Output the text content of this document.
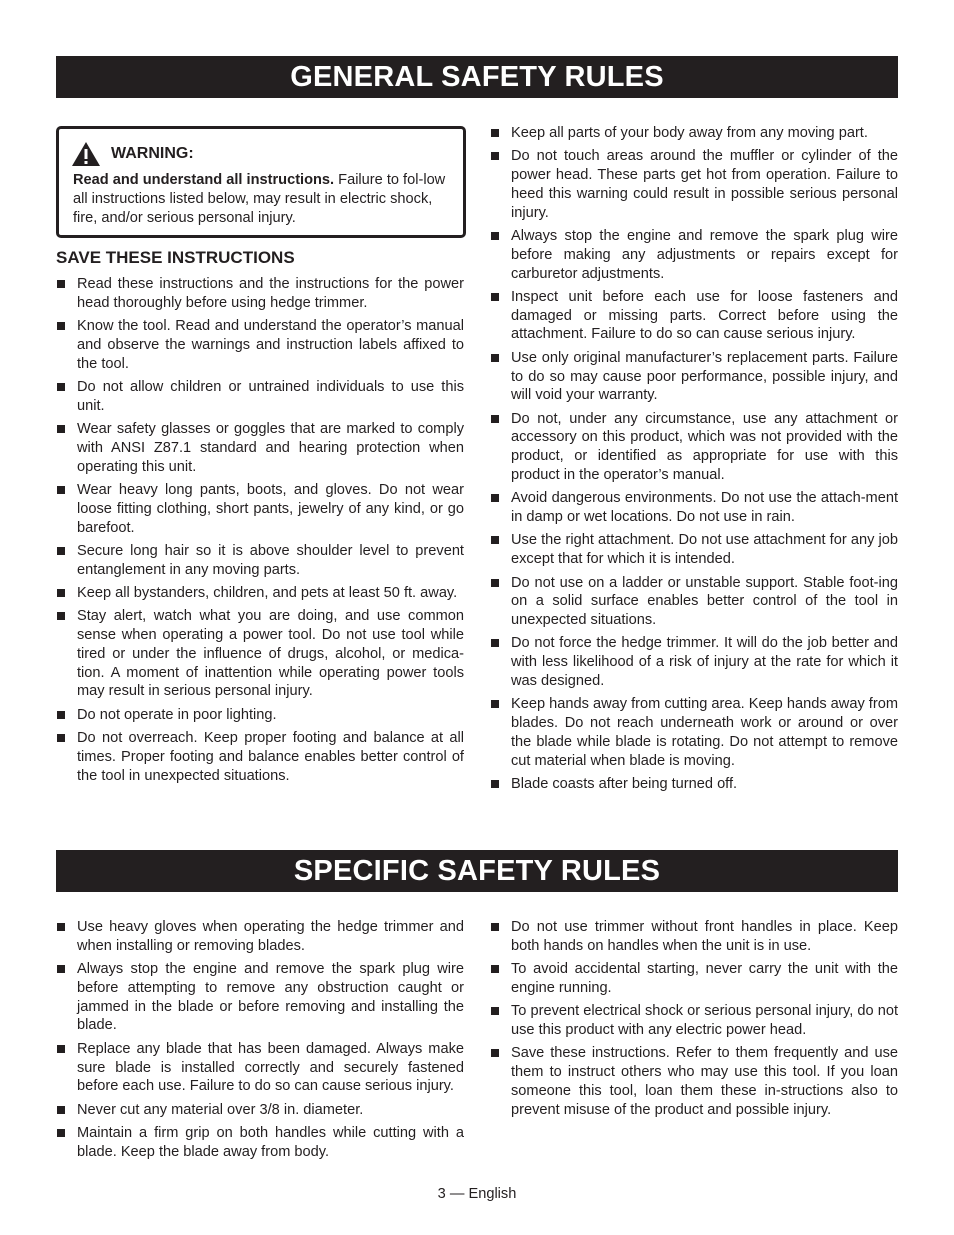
GENERAL SAFETY RULES
WARNING:
Read and understand all instructions. Failure to fol-low all instructions listed below, may result in electric shock, fire, and/or serious personal injury.
SAVE THESE INSTRUCTIONS
Read these instructions and the instructions for the power head thoroughly before using hedge trimmer.
Know the tool. Read and understand the operator’s manual and observe the warnings and instruction labels affixed to the tool.
Do not allow children or untrained individuals to use this unit.
Wear safety glasses or goggles that are marked to comply with ANSI Z87.1 standard and hearing protection when operating this unit.
Wear heavy long pants, boots, and gloves. Do not wear loose fitting clothing, short pants, jewelry of any kind, or go barefoot.
Secure long hair so it is above shoulder level to prevent entanglement in any moving parts.
Keep all bystanders, children, and pets at least 50 ft. away.
Stay alert, watch what you are doing, and use common sense when operating a power tool. Do not use tool while tired or under the influence of drugs, alcohol, or medica-tion. A moment of inattention while operating power tools may result in serious personal injury.
Do not operate in poor lighting.
Do not overreach. Keep proper footing and balance at all times. Proper footing and balance enables better control of the tool in unexpected situations.
Keep all parts of your body away from any moving part.
Do not touch areas around the muffler or cylinder of the power head. These parts get hot from operation. Failure to heed this warning could result in possible serious personal injury.
Always stop the engine and remove the spark plug wire before making any adjustments or repairs except for carburetor adjustments.
Inspect unit before each use for loose fasteners and damaged or missing parts. Correct before using the attachment. Failure to do so can cause serious injury.
Use only original manufacturer’s replacement parts. Failure to do so may cause poor performance, possible injury, and will void your warranty.
Do not, under any circumstance, use any attachment or accessory on this product, which was not provided with the product, or identified as appropriate for use with this product in the operator’s manual.
Avoid dangerous environments. Do not use the attach-ment in damp or wet locations. Do not use in rain.
Use the right attachment. Do not use attachment for any job except that for which it is intended.
Do not use on a ladder or unstable support. Stable foot-ing on a solid surface enables better control of the tool in unexpected situations.
Do not force the hedge trimmer. It will do the job better and with less likelihood of a risk of injury at the rate for which it was designed.
Keep hands away from cutting area. Keep hands away from blades. Do not reach underneath work or around or over the blade while blade is rotating. Do not attempt to remove cut material when blade is moving.
Blade coasts after being turned off.
SPECIFIC SAFETY RULES
Use heavy gloves when operating the hedge trimmer and when installing or removing blades.
Always stop the engine and remove the spark plug wire before attempting to remove any obstruction caught or jammed in the blade or before removing and installing the blade.
Replace any blade that has been damaged. Always make sure blade is installed correctly and securely fastened before each use. Failure to do so can cause serious injury.
Never cut any material over 3/8 in. diameter.
Maintain a firm grip on both handles while cutting with a blade. Keep the blade away from body.
Do not use trimmer without front handles in place. Keep both hands on handles when the unit is in use.
To avoid accidental starting, never carry the unit with the engine running.
To prevent electrical shock or serious personal injury, do not use this product with any electric power head.
Save these instructions. Refer to them frequently and use them to instruct others who may use this tool. If you loan someone this tool, loan them these in-structions also to prevent misuse of the product and possible injury.
3 — English
